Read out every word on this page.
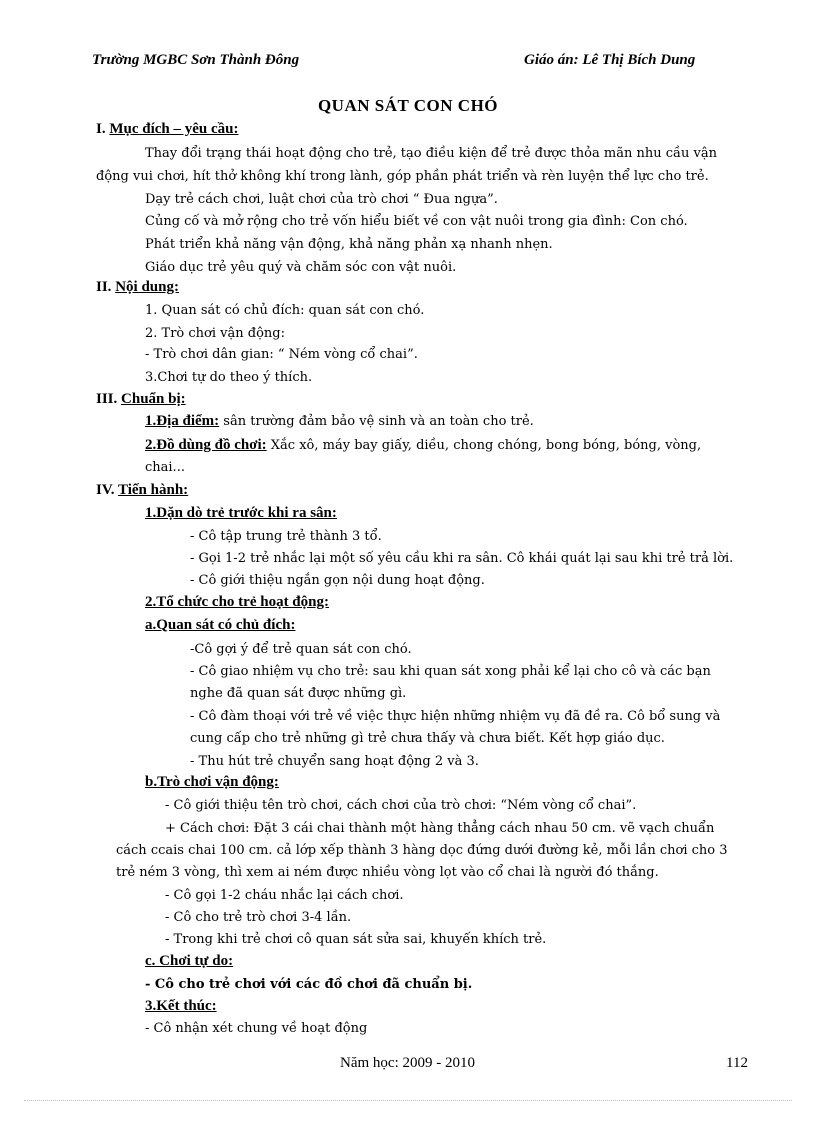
Trường MGBC Sơn Thành Đông	Giáo án: Lê Thị Bích Dung
QUAN SÁT CON CHÓ
I. Mục đích – yêu cầu:
Thay đổi trạng thái hoạt động cho trẻ, tạo điều kiện để trẻ được thỏa mãn nhu cầu vận
động vui chơi, hít thở không khí trong lành, góp phần phát triển và rèn luyện thể lực cho trẻ.
Dạy trẻ cách chơi, luật chơi của trò chơi “ Đua ngựa”.
Củng cố và mở rộng cho trẻ vốn hiểu biết về con vật nuôi trong gia đình: Con chó.
Phát triển khả năng vận động, khả năng phản xạ nhanh nhẹn.
Giáo dục trẻ yêu quý và chăm sóc con vật nuôi.
II. Nội dung:
1. Quan sát có chủ đích: quan sát con chó.
2. Trò chơi vận động:
- Trò chơi dân gian: “ Ném vòng cổ chai”.
3.Chơi tự do theo ý thích.
III. Chuẩn bị:
1.Địa điểm: sân trường đảm bảo vệ sinh và an toàn cho trẻ.
2.Đồ dùng đồ chơi: Xắc xô, máy bay giấy, diều, chong chóng, bong bóng, bóng, vòng,
chai...
IV. Tiến hành:
1.Dặn dò trẻ trước khi ra sân:
- Cô tập trung trẻ thành 3 tổ.
- Gọi 1-2 trẻ nhắc lại một số yêu cầu khi ra sân. Cô khái quát lại sau khi trẻ trả lời.
- Cô giới thiệu ngắn gọn nội dung hoạt động.
2.Tổ chức cho trẻ hoạt động:
a.Quan sát có chủ đích:
-Cô gợi ý để trẻ quan sát con chó.
- Cô giao nhiệm vụ cho trẻ: sau khi quan sát xong phải kể lại cho cô và các bạn
nghe đã quan sát được những gì.
- Cô đàm thoại với trẻ về việc thực hiện những nhiệm vụ đã đề ra. Cô bổ sung và
cung cấp cho trẻ những gì trẻ chưa thấy và chưa biết. Kết hợp giáo dục.
- Thu hút trẻ chuyển sang hoạt động 2 và 3.
b.Trò chơi vận động:
- Cô giới thiệu tên trò chơi, cách chơi của trò chơi: “Ném vòng cổ chai”.
+ Cách chơi: Đặt 3 cái chai thành một hàng thẳng cách nhau 50 cm. vẽ vạch chuẩn
cách ccais chai 100 cm. cả lớp xếp thành 3 hàng dọc đứng dưới đường kẻ, mỗi lần chơi cho 3
trẻ ném 3 vòng, thì xem ai ném được nhiều vòng lọt vào cổ chai là người đó thắng.
- Cô gọi 1-2 cháu nhắc lại cách chơi.
- Cô cho trẻ trò chơi 3-4 lần.
- Trong khi trẻ chơi cô quan sát sửa sai, khuyến khích trẻ.
c. Chơi tự do:
- Cô cho trẻ chơi với các đồ chơi đã chuẩn bị.
3.Kết thúc:
- Cô nhận xét chung về hoạt động
Năm học: 2009 - 2010	112
